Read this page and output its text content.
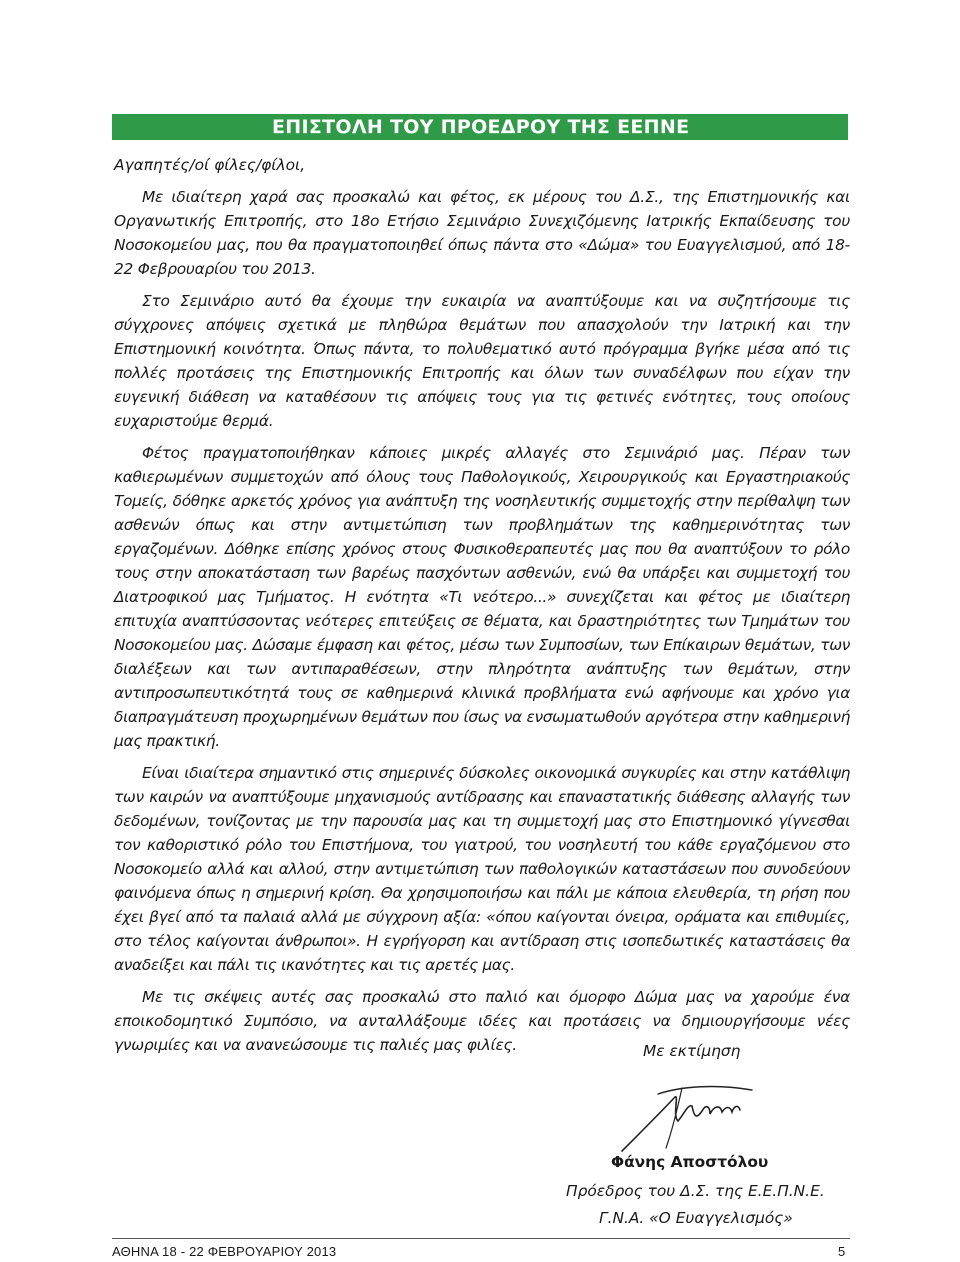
ΕΠΙΣΤΟΛΗ ΤΟΥ ΠΡΟΕΔΡΟΥ ΤΗΣ ΕΕΠΝΕ

Αγαπητές/οί φίλες/φίλοι,

Με ιδιαίτερη χαρά σας προσκαλώ και φέτος, εκ μέρους του Δ.Σ., της Επιστημονικής και Οργανωτικής Επιτροπής, στο 18ο Ετήσιο Σεμινάριο Συνεχιζόμενης Ιατρικής Εκπαίδευσης του Νοσοκομείου μας, που θα πραγματοποιηθεί όπως πάντα στο «Δώμα» του Ευαγγελισμού, από 18-22 Φεβρουαρίου του 2013.

Στο Σεμινάριο αυτό θα έχουμε την ευκαιρία να αναπτύξουμε και να συζητήσουμε τις σύγχρονες απόψεις σχετικά με πληθώρα θεμάτων που απασχολούν την Ιατρική και την Επιστημονική κοινότητα. Όπως πάντα, το πολυθεματικό αυτό πρόγραμμα βγήκε μέσα από τις πολλές προτάσεις της Επιστημονικής Επιτροπής και όλων των συναδέλφων που είχαν την ευγενική διάθεση να καταθέσουν τις απόψεις τους για τις φετινές ενότητες, τους οποίους ευχαριστούμε θερμά.

Φέτος πραγματοποιήθηκαν κάποιες μικρές αλλαγές στο Σεμινάριό μας. Πέραν των καθιερωμένων συμμετοχών από όλους τους Παθολογικούς, Χειρουργικούς και Εργαστηριακούς Τομείς, δόθηκε αρκετός χρόνος για ανάπτυξη της νοσηλευτικής συμμετοχής στην περίθαλψη των ασθενών όπως και στην αντιμετώπιση των προβλημάτων της καθημερινότητας των εργαζομένων. Δόθηκε επίσης χρόνος στους Φυσικοθεραπευτές μας που θα αναπτύξουν το ρόλο τους στην αποκατάσταση των βαρέως πασχόντων ασθενών, ενώ θα υπάρξει και συμμετοχή του Διατροφικού μας Τμήματος. Η ενότητα «Τι νεότερο...» συνεχίζεται και φέτος με ιδιαίτερη επιτυχία αναπτύσσοντας νεότερες επιτεύξεις σε θέματα, και δραστηριότητες των Τμημάτων του Νοσοκομείου μας. Δώσαμε έμφαση και φέτος, μέσω των Συμποσίων, των Επίκαιρων θεμάτων, των διαλέξεων και των αντιπαραθέσεων, στην πληρότητα ανάπτυξης των θεμάτων, στην αντιπροσωπευτικότητά τους σε καθημερινά κλινικά προβλήματα ενώ αφήνουμε και χρόνο για διαπραγμάτευση προχωρημένων θεμάτων που ίσως να ενσωματωθούν αργότερα στην καθημερινή μας πρακτική.

Είναι ιδιαίτερα σημαντικό στις σημερινές δύσκολες οικονομικά συγκυρίες και στην κατάθλιψη των καιρών να αναπτύξουμε μηχανισμούς αντίδρασης και επαναστατικής διάθεσης αλλαγής των δεδομένων, τονίζοντας με την παρουσία μας και τη συμμετοχή μας στο Επιστημονικό γίγνεσθαι τον καθοριστικό ρόλο του Επιστήμονα, του γιατρού, του νοσηλευτή του κάθε εργαζόμενου στο Νοσοκομείο αλλά και αλλού, στην αντιμετώπιση των παθολογικών καταστάσεων που συνοδεύουν φαινόμενα όπως η σημερινή κρίση. Θα χρησιμοποιήσω και πάλι με κάποια ελευθερία, τη ρήση που έχει βγεί από τα παλαιά αλλά με σύγχρονη αξία: «όπου καίγονται όνειρα, οράματα και επιθυμίες, στο τέλος καίγονται άνθρωποι». Η εγρήγορση και αντίδραση στις ισοπεδωτικές καταστάσεις θα αναδείξει και πάλι τις ικανότητες και τις αρετές μας.

Με τις σκέψεις αυτές σας προσκαλώ στο παλιό και όμορφο Δώμα μας να χαρούμε ένα εποικοδομητικό Συμπόσιο, να ανταλλάξουμε ιδέες και προτάσεις να δημιουργήσουμε νέες γνωριμίες και να ανανεώσουμε τις παλιές μας φιλίες.	Με εκτίμηση
Φάνης Αποστόλου
Πρόεδρος του Δ.Σ. της Ε.Ε.Π.Ν.Ε.
Γ.Ν.Α. «Ο Ευαγγελισμός»
ΑΘΗΝΑ 18 - 22 ΦΕΒΡΟΥΑΡΙΟΥ 2013	5
